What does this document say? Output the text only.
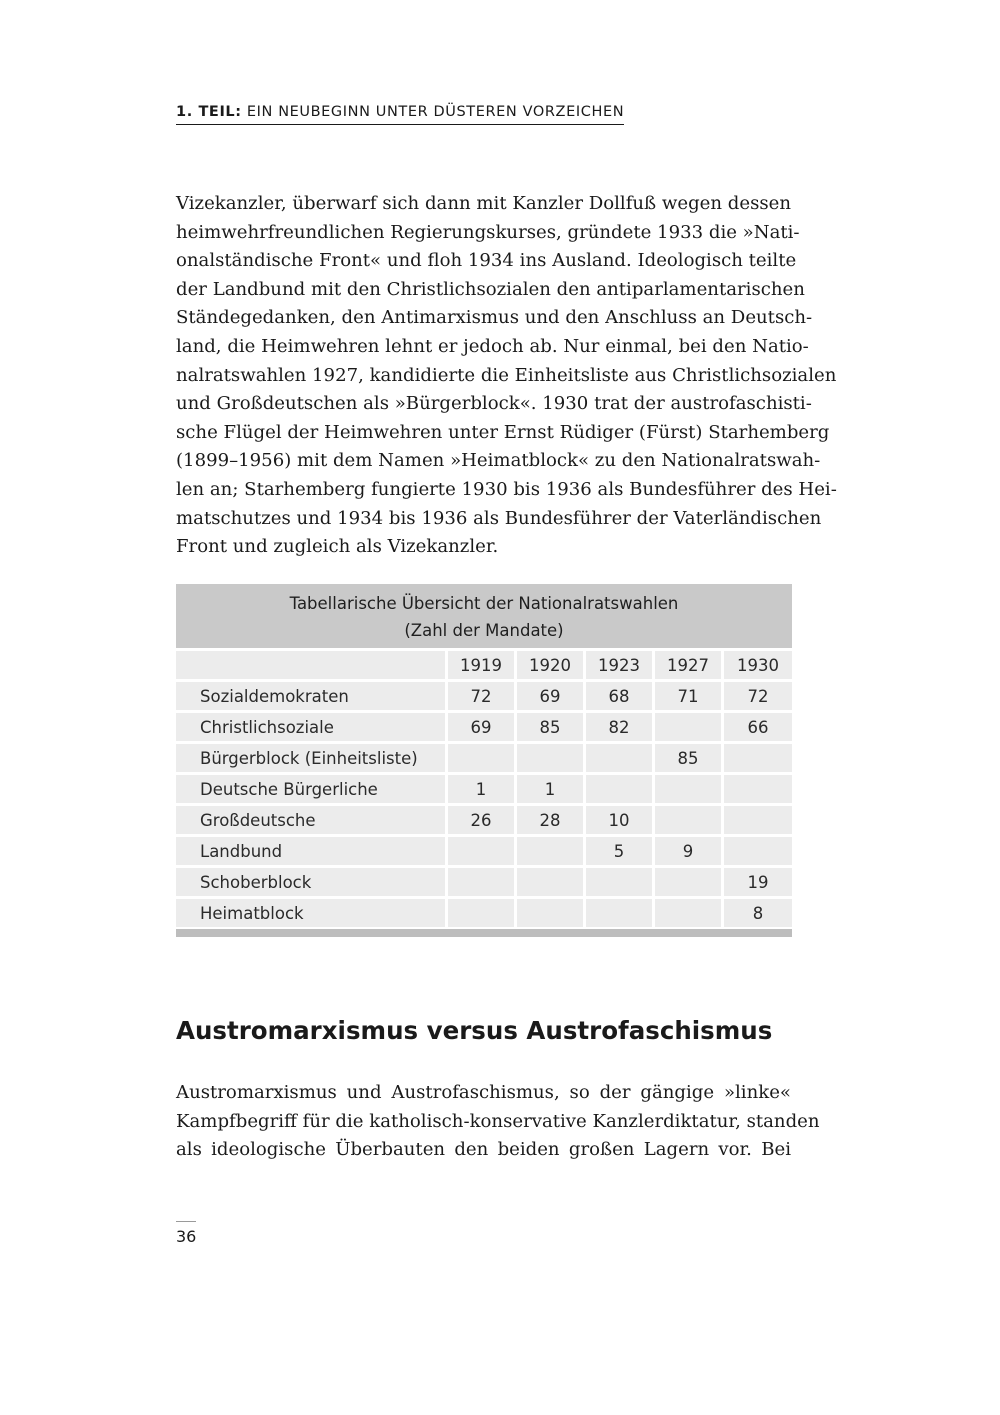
1. TEIL: EIN NEUBEGINN UNTER DÜSTEREN VORZEICHEN
Vizekanzler, überwarf sich dann mit Kanzler Dollfuß wegen dessen
heimwehrfreundlichen Regierungskurses, gründete 1933 die »Nati-
onalständische Front« und floh 1934 ins Ausland. Ideologisch teilte
der Landbund mit den Christlichsozialen den antiparlamentarischen
Ständegedanken, den Antimarxismus und den Anschluss an Deutsch-
land, die Heimwehren lehnt er jedoch ab. Nur einmal, bei den Natio-
nalratswahlen 1927, kandidierte die Einheitsliste aus Christlichsozialen
und Großdeutschen als »Bürgerblock«. 1930 trat der austrofaschisti-
sche Flügel der Heimwehren unter Ernst Rüdiger (Fürst) Starhemberg
(1899–1956) mit dem Namen »Heimatblock« zu den Nationalratswah-
len an; Starhemberg fungierte 1930 bis 1936 als Bundesführer des Hei-
matschutzes und 1934 bis 1936 als Bundesführer der Vaterländischen
Front und zugleich als Vizekanzler.
Tabellarische Übersicht der Nationalratswahlen
(Zahl der Mandate)
	1919	1920	1923	1927	1930
Sozialdemokraten	72	69	68	71	72
Christlichsoziale	69	85	82		66
Bürgerblock (Einheitsliste)				85	
Deutsche Bürgerliche	1	1			
Großdeutsche	26	28	10		
Landbund			5	9	
Schoberblock					19
Heimatblock					8
Austromarxismus versus Austrofaschismus
Austromarxismus und Austrofaschismus, so der gängige »linke«
Kampfbegriff für die katholisch-konservative Kanzlerdiktatur, standen
als ideologische Überbauten den beiden großen Lagern vor. Bei
36
